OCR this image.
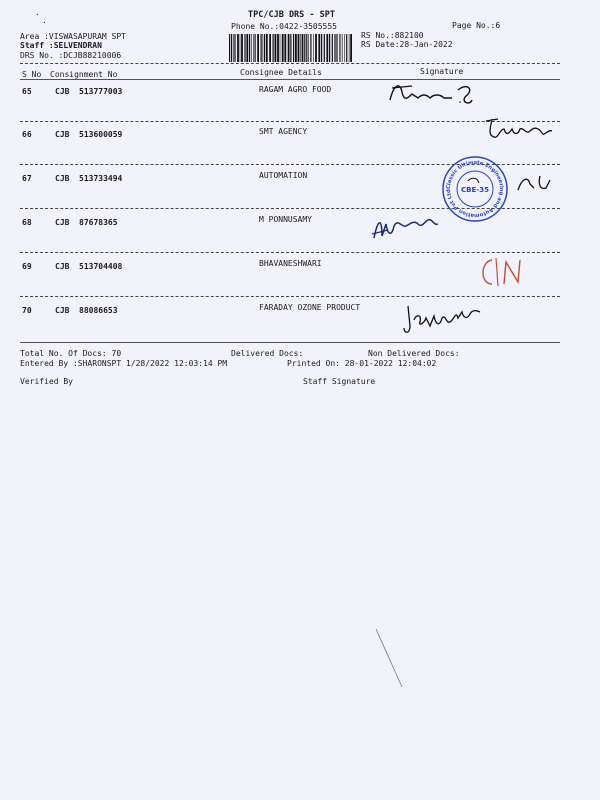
·
·
TPC/CJB DRS - SPT
Phone No.:0422-3505555	Page No.:6
Area :VISWASAPURAM SPT
Staff :SELVENDRAN
DRS No. :DCJB88210006
RS No.:882100
RS Date:28-Jan-2022
S No Consignment No	Consignee Details	Signature
65	CJB 513777003	RAGAM AGRO FOOD
66	CJB 513600059	SMT AGENCY
67	CJB 513733494	AUTOMATION
68	CJB 87678365	M PONNUSAMY
69	CJB 513704408	BHAVANESHWARI
70	CJB 88086653	FARADAY OZONE PRODUCT
Total No. Of Docs: 70	Delivered Docs:	Non Delivered Docs:
Entered By :SHARONSPT 1/28/2022 12:03:14 PM	Printed On: 28-01-2022 12:04:02
Verified By	Staff Signature
Classic Ultimate Engineering and Automation Pvt Ltd	CBE-35
